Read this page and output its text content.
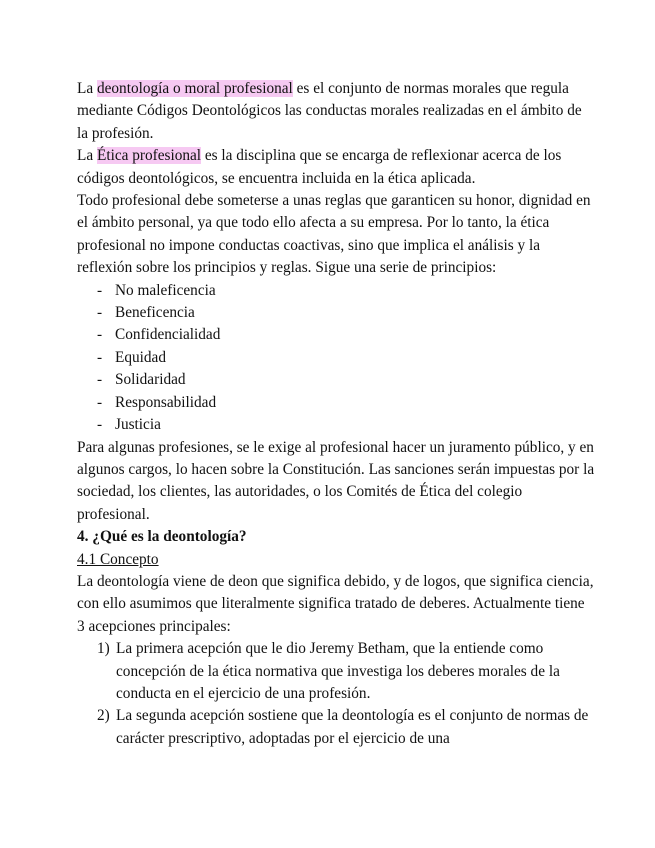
La deontología o moral profesional es el conjunto de normas morales que regula mediante Códigos Deontológicos las conductas morales realizadas en el ámbito de la profesión.

La Ética profesional es la disciplina que se encarga de reflexionar acerca de los códigos deontológicos, se encuentra incluida en la ética aplicada.

Todo profesional debe someterse a unas reglas que garanticen su honor, dignidad en el ámbito personal, ya que todo ello afecta a su empresa. Por lo tanto, la ética profesional no impone conductas coactivas, sino que implica el análisis y la reflexión sobre los principios y reglas. Sigue una serie de principios:

- No maleficencia
- Beneficencia
- Confidencialidad
- Equidad
- Solidaridad
- Responsabilidad
- Justicia

Para algunas profesiones, se le exige al profesional hacer un juramento público, y en algunos cargos, lo hacen sobre la Constitución. Las sanciones serán impuestas por la sociedad, los clientes, las autoridades, o los Comités de Ética del colegio profesional.

4. ¿Qué es la deontología?

4.1 Concepto

La deontología viene de deon que significa debido, y de logos, que significa ciencia, con ello asumimos que literalmente significa tratado de deberes. Actualmente tiene 3 acepciones principales:

1) La primera acepción que le dio Jeremy Betham, que la entiende como concepción de la ética normativa que investiga los deberes morales de la conducta en el ejercicio de una profesión.
2) La segunda acepción sostiene que la deontología es el conjunto de normas de carácter prescriptivo, adoptadas por el ejercicio de una
